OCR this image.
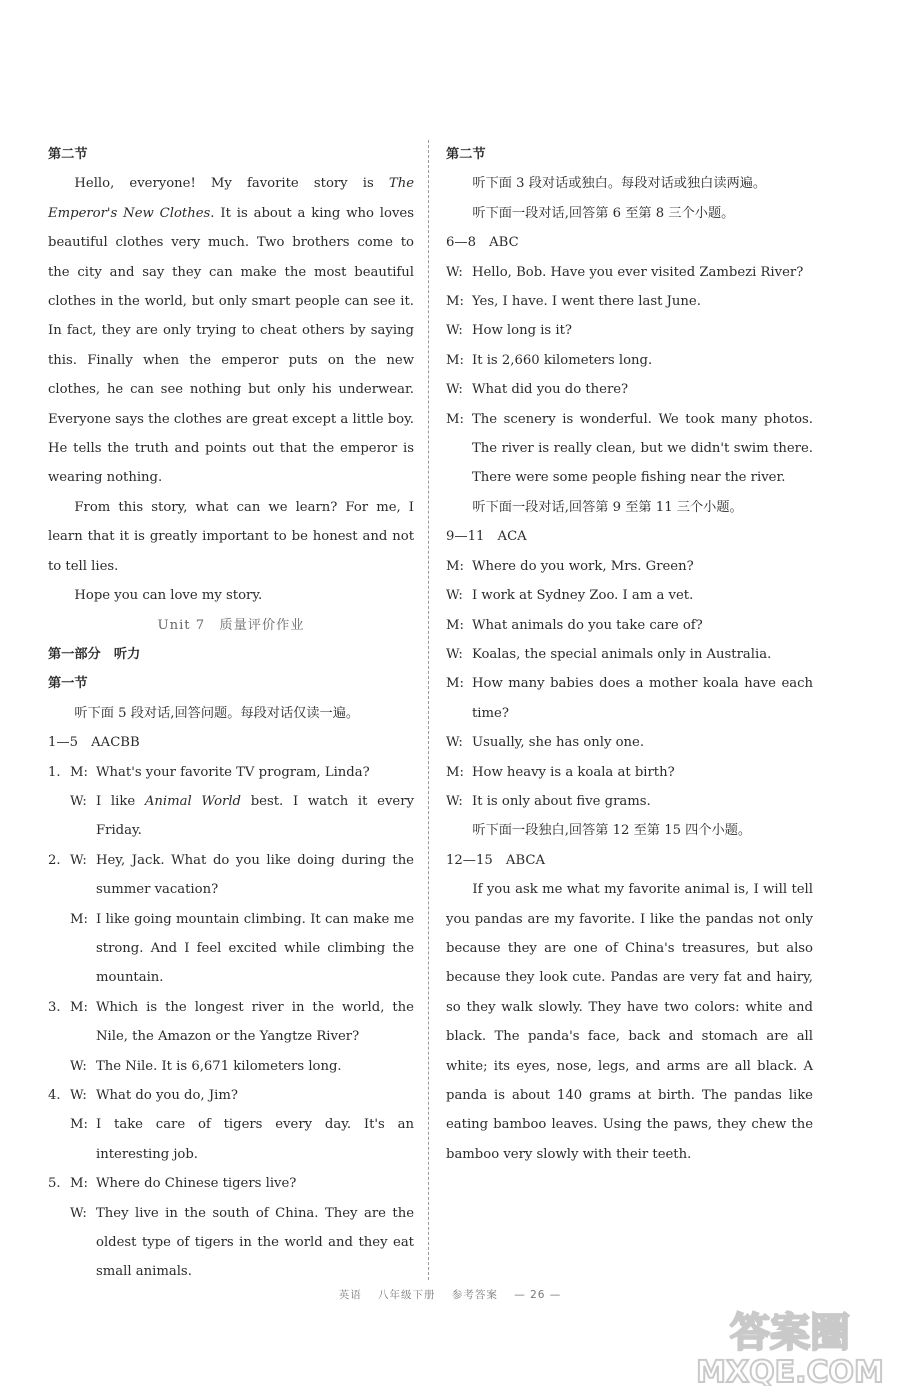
第二节

Hello, everyone! My favorite story is The Emperor's New Clothes. It is about a king who loves beautiful clothes very much. Two brothers come to the city and say they can make the most beautiful clothes in the world, but only smart people can see it. In fact, they are only trying to cheat others by saying this. Finally when the emperor puts on the new clothes, he can see nothing but only his underwear. Everyone says the clothes are great except a little boy. He tells the truth and points out that the emperor is wearing nothing.

From this story, what can we learn? For me, I learn that it is greatly important to be honest and not to tell lies.

Hope you can love my story.

Unit 7　质量评价作业

第一部分　听力

第一节

听下面 5 段对话,回答问题。每段对话仅读一遍。

1—5　AACBB

1. M: What's your favorite TV program, Linda?
W: I like Animal World best. I watch it every Friday.
2. W: Hey, Jack. What do you like doing during the summer vacation?
M: I like going mountain climbing. It can make me strong. And I feel excited while climbing the mountain.
3. M: Which is the longest river in the world, the Nile, the Amazon or the Yangtze River?
W: The Nile. It is 6,671 kilometers long.
4. W: What do you do, Jim?
M: I take care of tigers every day. It's an interesting job.
5. M: Where do Chinese tigers live?
W: They live in the south of China. They are the oldest type of tigers in the world and they eat small animals.

第二节

听下面 3 段对话或独白。每段对话或独白读两遍。

听下面一段对话,回答第 6 至第 8 三个小题。

6—8　ABC

W: Hello, Bob. Have you ever visited Zambezi River?
M: Yes, I have. I went there last June.
W: How long is it?
M: It is 2,660 kilometers long.
W: What did you do there?
M: The scenery is wonderful. We took many photos. The river is really clean, but we didn't swim there. There were some people fishing near the river.

听下面一段对话,回答第 9 至第 11 三个小题。

9—11　ACA

M: Where do you work, Mrs. Green?
W: I work at Sydney Zoo. I am a vet.
M: What animals do you take care of?
W: Koalas, the special animals only in Australia.
M: How many babies does a mother koala have each time?
W: Usually, she has only one.
M: How heavy is a koala at birth?
W: It is only about five grams.

听下面一段独白,回答第 12 至第 15 四个小题。

12—15　ABCA

If you ask me what my favorite animal is, I will tell you pandas are my favorite. I like the pandas not only because they are one of China's treasures, but also because they look cute. Pandas are very fat and hairy, so they walk slowly. They have two colors: white and black. The panda's face, back and stomach are all white; its eyes, nose, legs, and arms are all black. A panda is about 140 grams at birth. The pandas like eating bamboo leaves. Using the paws, they chew the bamboo very slowly with their teeth.

英语 八年级下册 参考答案 — 26 —
答案圈
MXQE.COM
